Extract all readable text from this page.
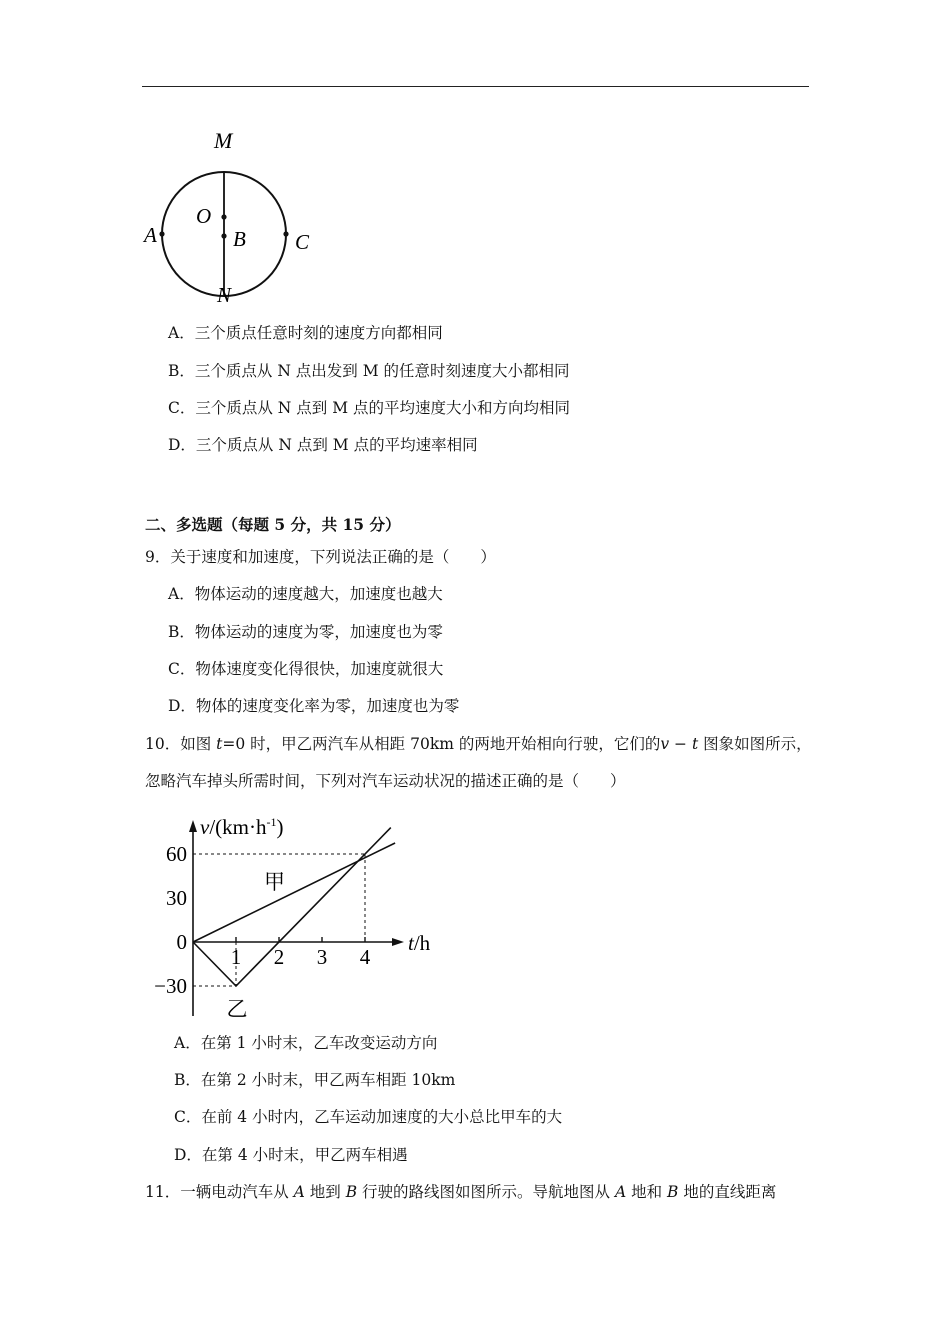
M
O
B
A	C
N
A．三个质点任意时刻的速度方向都相同
B．三个质点从 N 点出发到 M 的任意时刻速度大小都相同
C．三个质点从 N 点到 M 点的平均速度大小和方向均相同
D．三个质点从 N 点到 M 点的平均速率相同
二、多选题（每题 5 分，共 15 分）
9．关于速度和加速度，下列说法正确的是（　　）
A．物体运动的速度越大，加速度也越大
B．物体运动的速度为零，加速度也为零
C．物体速度变化得很快，加速度就很大
D．物体的速度变化率为零，加速度也为零
10．如图 t=0 时，甲乙两汽车从相距 70km 的两地开始相向行驶，它们的v − t 图象如图所示，
忽略汽车掉头所需时间，下列对汽车运动状况的描述正确的是（　　）
$v/(km\cdot h^{-1})$
t/h
60
30
0
−30
1 2 3 4
甲
乙
A．在第 1 小时末，乙车改变运动方向
B．在第 2 小时末，甲乙两车相距 10km
C．在前 4 小时内，乙车运动加速度的大小总比甲车的大
D．在第 4 小时末，甲乙两车相遇
11．一辆电动汽车从 A 地到 B 行驶的路线图如图所示。导航地图从 A 地和 B 地的直线距离
